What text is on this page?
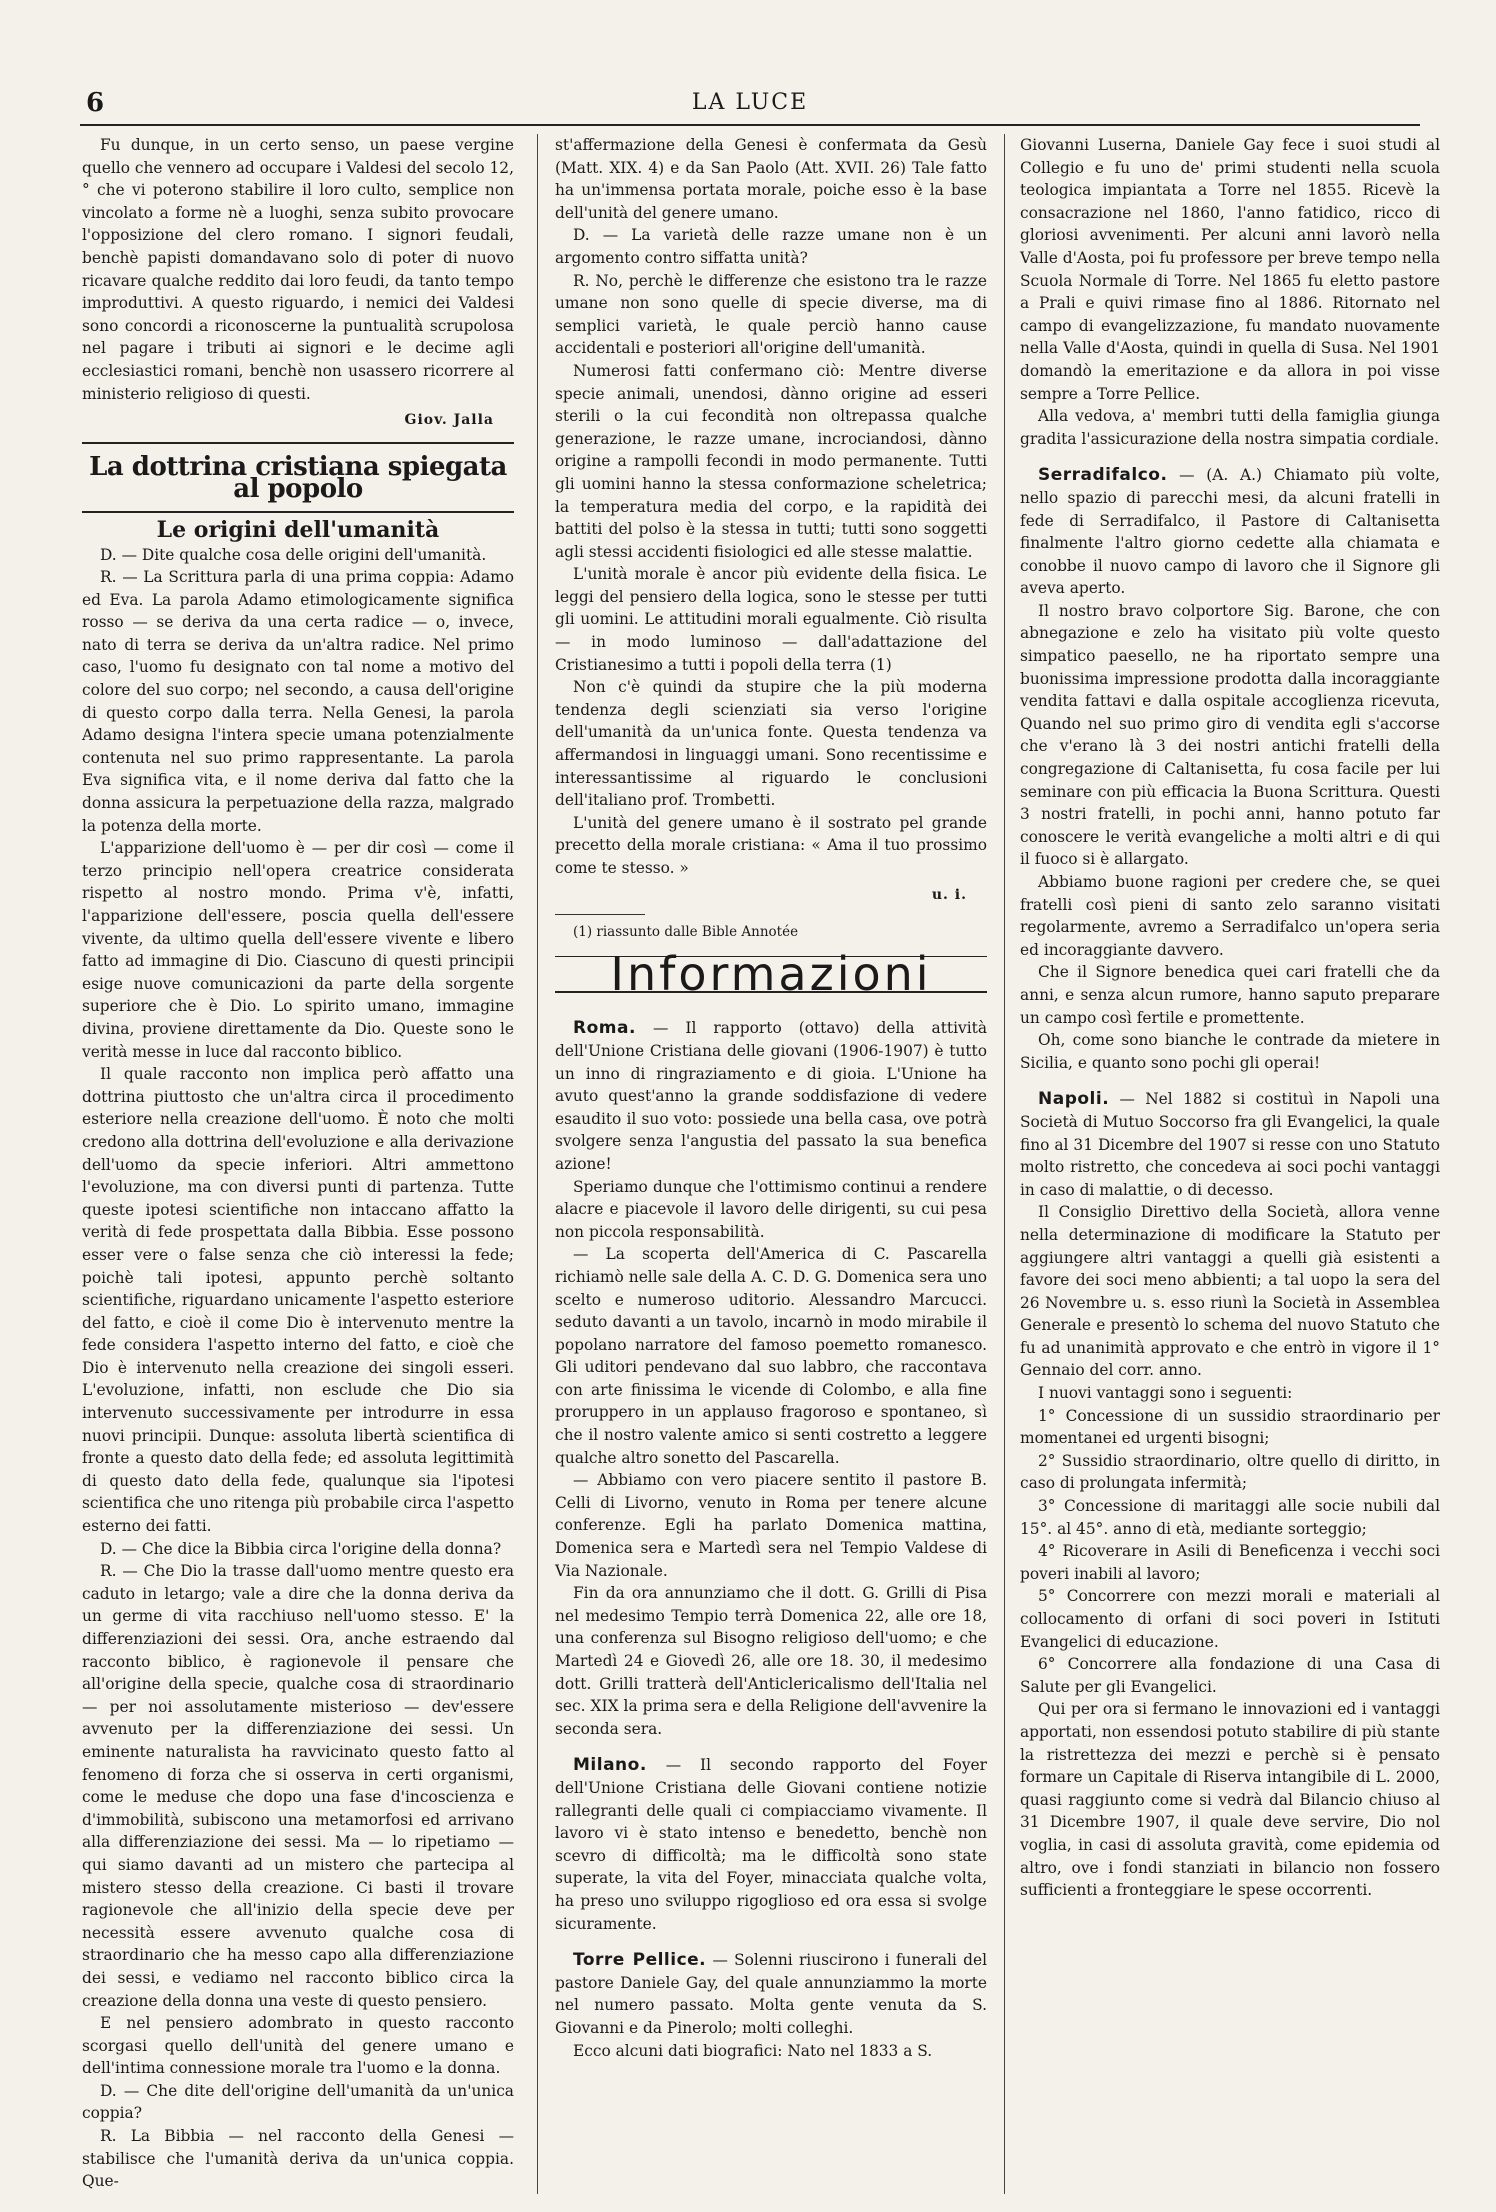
6	LA LUCE

Fu dunque, in un certo senso, un paese vergine quello che vennero ad occupare i Valdesi del secolo 12,° che vi poterono stabilire il loro culto, semplice non vincolato a forme nè a luoghi, senza subito provocare l'opposizione del clero romano. I signori feudali, benchè papisti domandavano solo di poter di nuovo ricavare qualche reddito dai loro feudi, da tanto tempo improduttivi. A questo riguardo, i nemici dei Valdesi sono concordi a riconoscerne la puntualità scrupolosa nel pagare i tributi ai signori e le decime agli ecclesiastici romani, benchè non usassero ricorrere al ministerio religioso di questi.

Giov. Jalla

La dottrina cristiana spiegata al popolo
Le origini dell'umanità

D. — Dite qualche cosa delle origini dell'umanità.

R. — La Scrittura parla di una prima coppia: Adamo ed Eva. La parola Adamo etimologicamente significa rosso — se deriva da una certa radice — o, invece, nato di terra se deriva da un'altra radice. Nel primo caso, l'uomo fu designato con tal nome a motivo del colore del suo corpo; nel secondo, a causa dell'origine di questo corpo dalla terra. Nella Genesi, la parola Adamo designa l'intera specie umana potenzialmente contenuta nel suo primo rappresentante. La parola Eva significa vita, e il nome deriva dal fatto che la donna assicura la perpetuazione della razza, malgrado la potenza della morte.

L'apparizione dell'uomo è — per dir così — come il terzo principio nell'opera creatrice considerata rispetto al nostro mondo. Prima v'è, infatti, l'apparizione dell'essere, poscia quella dell'essere vivente, da ultimo quella dell'essere vivente e libero fatto ad immagine di Dio. Ciascuno di questi principii esige nuove comunicazioni da parte della sorgente superiore che è Dio. Lo spirito umano, immagine divina, proviene direttamente da Dio. Queste sono le verità messe in luce dal racconto biblico.

Il quale racconto non implica però affatto una dottrina piuttosto che un'altra circa il procedimento esteriore nella creazione dell'uomo. È noto che molti credono alla dottrina dell'evoluzione e alla derivazione dell'uomo da specie inferiori. Altri ammettono l'evoluzione, ma con diversi punti di partenza. Tutte queste ipotesi scientifiche non intaccano affatto la verità di fede prospettata dalla Bibbia. Esse possono esser vere o false senza che ciò interessi la fede; poichè tali ipotesi, appunto perchè soltanto scientifiche, riguardano unicamente l'aspetto esteriore del fatto, e cioè il come Dio è intervenuto mentre la fede considera l'aspetto interno del fatto, e cioè che Dio è intervenuto nella creazione dei singoli esseri. L'evoluzione, infatti, non esclude che Dio sia intervenuto successivamente per introdurre in essa nuovi principii. Dunque: assoluta libertà scientifica di fronte a questo dato della fede; ed assoluta legittimità di questo dato della fede, qualunque sia l'ipotesi scientifica che uno ritenga più probabile circa l'aspetto esterno dei fatti.

D. — Che dice la Bibbia circa l'origine della donna?

R. — Che Dio la trasse dall'uomo mentre questo era caduto in letargo; vale a dire che la donna deriva da un germe di vita racchiuso nell'uomo stesso. E' la differenziazioni dei sessi. Ora, anche estraendo dal racconto biblico, è ragionevole il pensare che all'origine della specie, qualche cosa di straordinario — per noi assolutamente misterioso — dev'essere avvenuto per la differenziazione dei sessi. Un eminente naturalista ha ravvicinato questo fatto al fenomeno di forza che si osserva in certi organismi, come le meduse che dopo una fase d'incoscienza e d'immobilità, subiscono una metamorfosi ed arrivano alla differenziazione dei sessi. Ma — lo ripetiamo — qui siamo davanti ad un mistero che partecipa al mistero stesso della creazione. Ci basti il trovare ragionevole che all'inizio della specie deve per necessità essere avvenuto qualche cosa di straordinario che ha messo capo alla differenziazione dei sessi, e vediamo nel racconto biblico circa la creazione della donna una veste di questo pensiero.

E nel pensiero adombrato in questo racconto scorgasi quello dell'unità del genere umano e dell'intima connessione morale tra l'uomo e la donna.

D. — Che dite dell'origine dell'umanità da un'unica coppia?

R. La Bibbia — nel racconto della Genesi — stabilisce che l'umanità deriva da un'unica coppia. Que-

st'affermazione della Genesi è confermata da Gesù (Matt. XIX. 4) e da San Paolo (Att. XVII. 26) Tale fatto ha un'immensa portata morale, poiche esso è la base dell'unità del genere umano.

D. — La varietà delle razze umane non è un argomento contro siffatta unità?

R. No, perchè le differenze che esistono tra le razze umane non sono quelle di specie diverse, ma di semplici varietà, le quale perciò hanno cause accidentali e posteriori all'origine dell'umanità.

Numerosi fatti confermano ciò: Mentre diverse specie animali, unendosi, dànno origine ad esseri sterili o la cui fecondità non oltrepassa qualche generazione, le razze umane, incrociandosi, dànno origine a rampolli fecondi in modo permanente. Tutti gli uomini hanno la stessa conformazione scheletrica; la temperatura media del corpo, e la rapidità dei battiti del polso è la stessa in tutti; tutti sono soggetti agli stessi accidenti fisiologici ed alle stesse malattie.

L'unità morale è ancor più evidente della fisica. Le leggi del pensiero della logica, sono le stesse per tutti gli uomini. Le attitudini morali egualmente. Ciò risulta — in modo luminoso — dall'adattazione del Cristianesimo a tutti i popoli della terra (1)

Non c'è quindi da stupire che la più moderna tendenza degli scienziati sia verso l'origine dell'umanità da un'unica fonte. Questa tendenza va affermandosi in linguaggi umani. Sono recentissime e interessantissime al riguardo le conclusioni dell'italiano prof. Trombetti.

L'unità del genere umano è il sostrato pel grande precetto della morale cristiana: « Ama il tuo prossimo come te stesso. »

u. i.

(1) riassunto dalle Bible Annotée

Informazioni

Roma. — Il rapporto (ottavo) della attività dell'Unione Cristiana delle giovani (1906-1907) è tutto un inno di ringraziamento e di gioia. L'Unione ha avuto quest'anno la grande soddisfazione di vedere esaudito il suo voto: possiede una bella casa, ove potrà svolgere senza l'angustia del passato la sua benefica azione!

Speriamo dunque che l'ottimismo continui a rendere alacre e piacevole il lavoro delle dirigenti, su cui pesa non piccola responsabilità.

— La scoperta dell'America di C. Pascarella richiamò nelle sale della A. C. D. G. Domenica sera uno scelto e numeroso uditorio. Alessandro Marcucci. seduto davanti a un tavolo, incarnò in modo mirabile il popolano narratore del famoso poemetto romanesco. Gli uditori pendevano dal suo labbro, che raccontava con arte finissima le vicende di Colombo, e alla fine proruppero in un applauso fragoroso e spontaneo, sì che il nostro valente amico si senti costretto a leggere qualche altro sonetto del Pascarella.

— Abbiamo con vero piacere sentito il pastore B. Celli di Livorno, venuto in Roma per tenere alcune conferenze. Egli ha parlato Domenica mattina, Domenica sera e Martedì sera nel Tempio Valdese di Via Nazionale.

Fin da ora annunziamo che il dott. G. Grilli di Pisa nel medesimo Tempio terrà Domenica 22, alle ore 18, una conferenza sul Bisogno religioso dell'uomo; e che Martedì 24 e Giovedì 26, alle ore 18. 30, il medesimo dott. Grilli tratterà dell'Anticlericalismo dell'Italia nel sec. XIX la prima sera e della Religione dell'avvenire la seconda sera.

Milano. — Il secondo rapporto del Foyer dell'Unione Cristiana delle Giovani contiene notizie rallegranti delle quali ci compiacciamo vivamente. Il lavoro vi è stato intenso e benedetto, benchè non scevro di difficoltà; ma le difficoltà sono state superate, la vita del Foyer, minacciata qualche volta, ha preso uno sviluppo rigoglioso ed ora essa si svolge sicuramente.

Torre Pellice. — Solenni riuscirono i funerali del pastore Daniele Gay, del quale annunziammo la morte nel numero passato. Molta gente venuta da S. Giovanni e da Pinerolo; molti colleghi.

Ecco alcuni dati biografici: Nato nel 1833 a S.

Giovanni Luserna, Daniele Gay fece i suoi studi al Collegio e fu uno de' primi studenti nella scuola teologica impiantata a Torre nel 1855. Ricevè la consacrazione nel 1860, l'anno fatidico, ricco di gloriosi avvenimenti. Per alcuni anni lavorò nella Valle d'Aosta, poi fu professore per breve tempo nella Scuola Normale di Torre. Nel 1865 fu eletto pastore a Prali e quivi rimase fino al 1886. Ritornato nel campo di evangelizzazione, fu mandato nuovamente nella Valle d'Aosta, quindi in quella di Susa. Nel 1901 domandò la emeritazione e da allora in poi visse sempre a Torre Pellice.

Alla vedova, a' membri tutti della famiglia giunga gradita l'assicurazione della nostra simpatia cordiale.

Serradifalco. — (A. A.) Chiamato più volte, nello spazio di parecchi mesi, da alcuni fratelli in fede di Serradifalco, il Pastore di Caltanisetta finalmente l'altro giorno cedette alla chiamata e conobbe il nuovo campo di lavoro che il Signore gli aveva aperto.

Il nostro bravo colportore Sig. Barone, che con abnegazione e zelo ha visitato più volte questo simpatico paesello, ne ha riportato sempre una buonissima impressione prodotta dalla incoraggiante vendita fattavi e dalla ospitale accoglienza ricevuta, Quando nel suo primo giro di vendita egli s'accorse che v'erano là 3 dei nostri antichi fratelli della congregazione di Caltanisetta, fu cosa facile per lui seminare con più efficacia la Buona Scrittura. Questi 3 nostri fratelli, in pochi anni, hanno potuto far conoscere le verità evangeliche a molti altri e di qui il fuoco si è allargato.

Abbiamo buone ragioni per credere che, se quei fratelli così pieni di santo zelo saranno visitati regolarmente, avremo a Serradifalco un'opera seria ed incoraggiante davvero.

Che il Signore benedica quei cari fratelli che da anni, e senza alcun rumore, hanno saputo preparare un campo così fertile e promettente.

Oh, come sono bianche le contrade da mietere in Sicilia, e quanto sono pochi gli operai!

Napoli. — Nel 1882 si costituì in Napoli una Società di Mutuo Soccorso fra gli Evangelici, la quale fino al 31 Dicembre del 1907 si resse con uno Statuto molto ristretto, che concedeva ai soci pochi vantaggi in caso di malattie, o di decesso.

Il Consiglio Direttivo della Società, allora venne nella determinazione di modificare la Statuto per aggiungere altri vantaggi a quelli già esistenti a favore dei soci meno abbienti; a tal uopo la sera del 26 Novembre u. s. esso riunì la Società in Assemblea Generale e presentò lo schema del nuovo Statuto che fu ad unanimità approvato e che entrò in vigore il 1° Gennaio del corr. anno.

I nuovi vantaggi sono i seguenti:

1° Concessione di un sussidio straordinario per momentanei ed urgenti bisogni;

2° Sussidio straordinario, oltre quello di diritto, in caso di prolungata infermità;

3° Concessione di maritaggi alle socie nubili dal 15°. al 45°. anno di età, mediante sorteggio;

4° Ricoverare in Asili di Beneficenza i vecchi soci poveri inabili al lavoro;

5° Concorrere con mezzi morali e materiali al collocamento di orfani di soci poveri in Istituti Evangelici di educazione.

6° Concorrere alla fondazione di una Casa di Salute per gli Evangelici.

Qui per ora si fermano le innovazioni ed i vantaggi apportati, non essendosi potuto stabilire di più stante la ristrettezza dei mezzi e perchè si è pensato formare un Capitale di Riserva intangibile di L. 2000, quasi raggiunto come si vedrà dal Bilancio chiuso al 31 Dicembre 1907, il quale deve servire, Dio nol voglia, in casi di assoluta gravità, come epidemia od altro, ove i fondi stanziati in bilancio non fossero sufficienti a fronteggiare le spese occorrenti.
